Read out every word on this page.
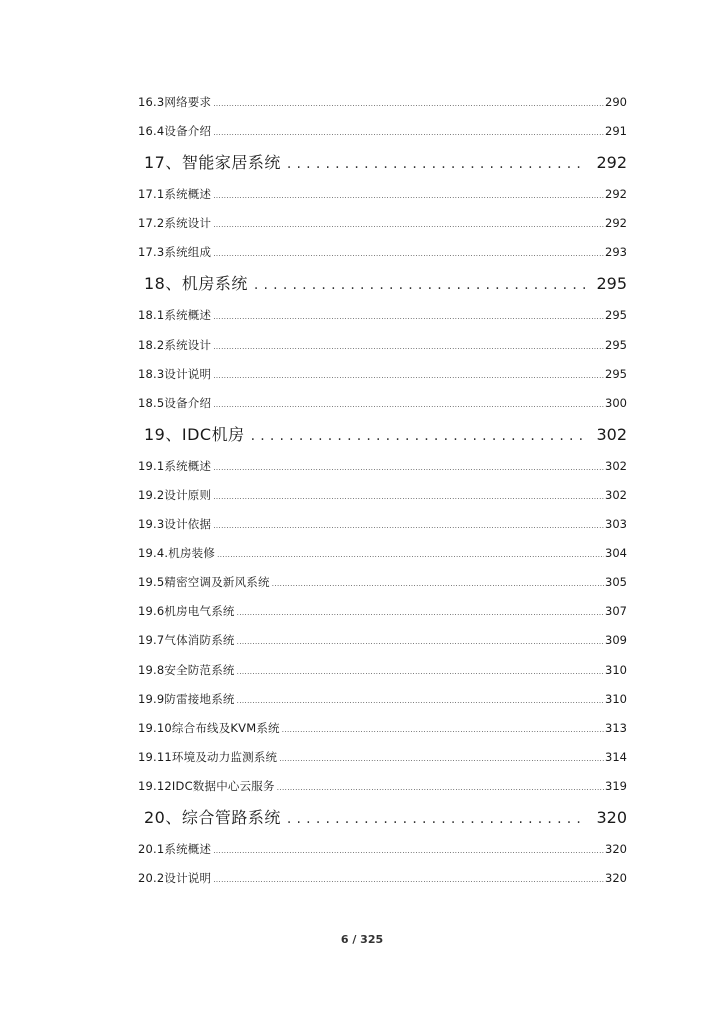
16.3网络要求 .....	290
16.4设备介绍 .....	291
17、智能家居系统 .....	292
17.1系统概述 .....	292
17.2系统设计 .....	292
17.3系统组成 .....	293
18、机房系统 .....	295
18.1系统概述 .....	295
18.2系统设计 .....	295
18.3设计说明 .....	295
18.5设备介绍 .....	300
19、IDC机房 .....	302
19.1系统概述 .....	302
19.2设计原则 .....	302
19.3设计依据 .....	303
19.4.机房装修 .....	304
19.5精密空调及新风系统 .....	305
19.6机房电气系统 .....	307
19.7气体消防系统 .....	309
19.8安全防范系统 .....	310
19.9防雷接地系统 .....	310
19.10综合布线及KVM系统 .....	313
19.11环境及动力监测系统 .....	314
19.12IDC数据中心云服务 .....	319
20、综合管路系统 .....	320
20.1系统概述 .....	320
20.2设计说明 .....	320
6 / 325
